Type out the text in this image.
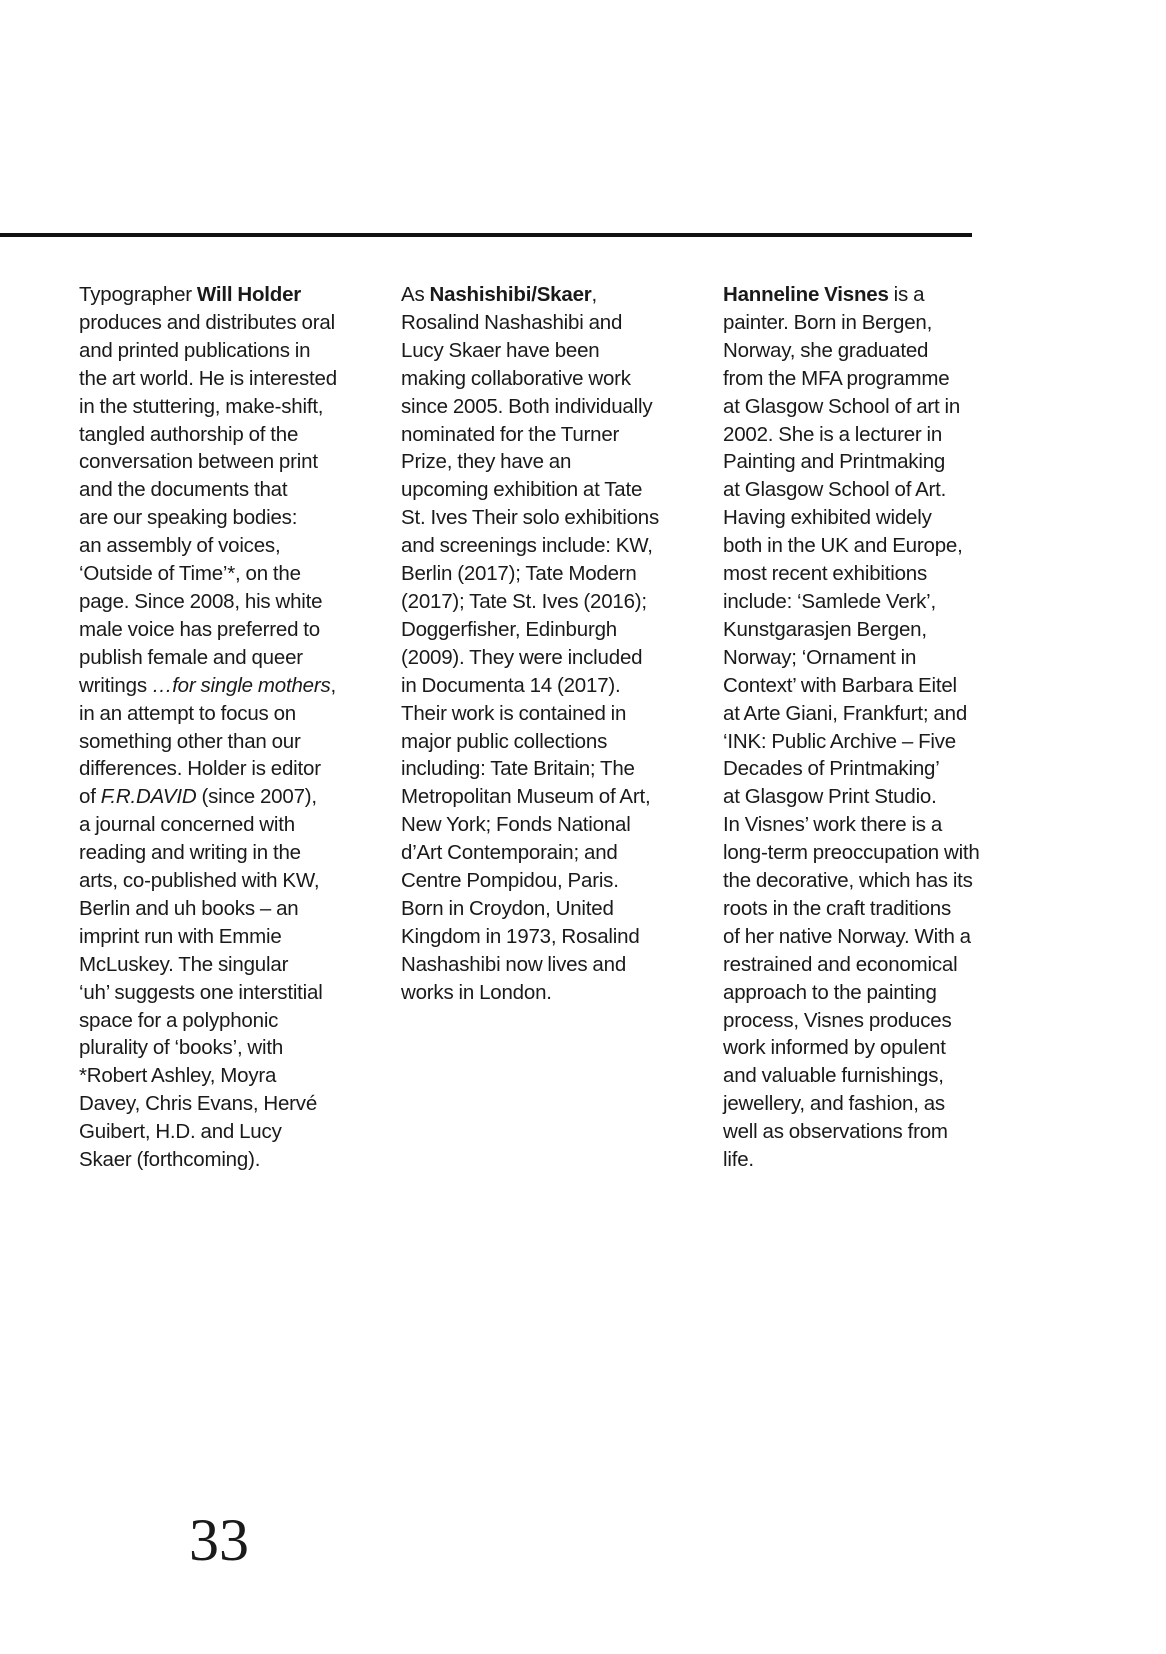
Typographer Will Holder
produces and distributes oral
and printed publications in
the art world. He is interested
in the stuttering, make-shift,
tangled authorship of the
conversation between print
and the documents that
are our speaking bodies:
an assembly of voices,
‘Outside of Time’*, on the
page. Since 2008, his white
male voice has preferred to
publish female and queer
writings …for single mothers,
in an attempt to focus on
something other than our
differences. Holder is editor
of F.R.DAVID (since 2007),
a journal concerned with
reading and writing in the
arts, co-published with KW,
Berlin and uh books – an
imprint run with Emmie
McLuskey. The singular
‘uh’ suggests one interstitial
space for a polyphonic
plurality of ‘books’, with
*Robert Ashley, Moyra
Davey, Chris Evans, Hervé
Guibert, H.D. and Lucy
Skaer (forthcoming).
As Nashishibi/Skaer,
Rosalind Nashashibi and
Lucy Skaer have been
making collaborative work
since 2005. Both individually
nominated for the Turner
Prize, they have an
upcoming exhibition at Tate
St. Ives Their solo exhibitions
and screenings include: KW,
Berlin (2017); Tate Modern
(2017); Tate St. Ives (2016);
Doggerfisher, Edinburgh
(2009). They were included
in Documenta 14 (2017).
Their work is contained in
major public collections
including: Tate Britain; The
Metropolitan Museum of Art,
New York; Fonds National
d’Art Contemporain; and
Centre Pompidou, Paris.
Born in Croydon, United
Kingdom in 1973, Rosalind
Nashashibi now lives and
works in London.
Hanneline Visnes is a
painter. Born in Bergen,
Norway, she graduated
from the MFA programme
at Glasgow School of art in
2002. She is a lecturer in
Painting and Printmaking
at Glasgow School of Art.
Having exhibited widely
both in the UK and Europe,
most recent exhibitions
include: ‘Samlede Verk’,
Kunstgarasjen Bergen,
Norway; ‘Ornament in
Context’ with Barbara Eitel
at Arte Giani, Frankfurt; and
‘INK: Public Archive – Five
Decades of Printmaking’
at Glasgow Print Studio.
In Visnes’ work there is a
long-term preoccupation with
the decorative, which has its
roots in the craft traditions
of her native Norway. With a
restrained and economical
approach to the painting
process, Visnes produces
work informed by opulent
and valuable furnishings,
jewellery, and fashion, as
well as observations from
life.
33
